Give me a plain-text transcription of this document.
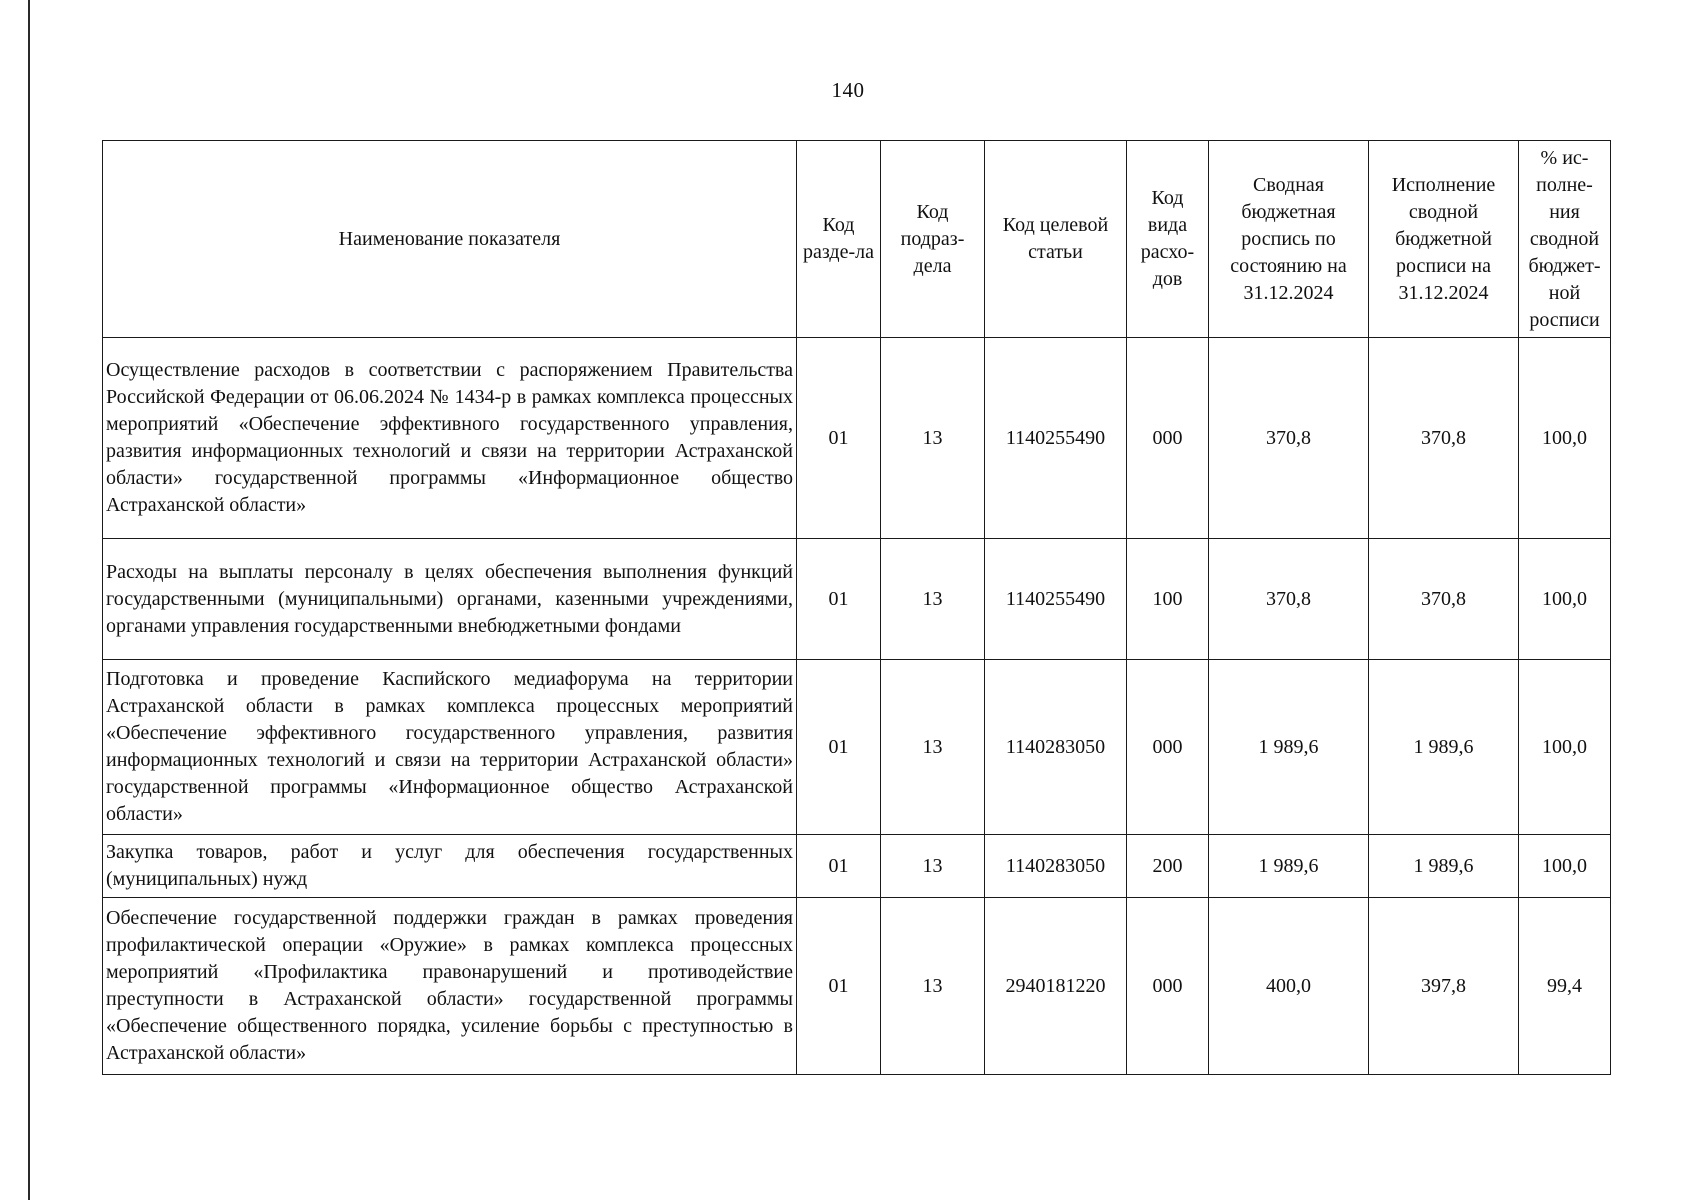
140
Наименование показателя	Код разде-ла	Код подраз-дела	Код целевой статьи	Код вида расхо-дов	Сводная бюджетная роспись по состоянию на 31.12.2024	Исполнение сводной бюджетной росписи на 31.12.2024	% ис-полне-ния сводной бюджет-ной росписи
Осуществление расходов в соответствии с распоряжением Правительства Российской Федерации от 06.06.2024 № 1434-р в рамках комплекса процессных мероприятий «Обеспечение эффективного государственного управления, развития информационных технологий и связи на территории Астраханской области» государственной программы «Информационное общество Астраханской области»	01	13	1140255490	000	370,8	370,8	100,0
Расходы на выплаты персоналу в целях обеспечения выполнения функций государственными (муниципальными) органами, казенными учреждениями, органами управления государственными внебюджетными фондами	01	13	1140255490	100	370,8	370,8	100,0
Подготовка и проведение Каспийского медиафорума на территории Астраханской области в рамках комплекса процессных мероприятий «Обеспечение эффективного государственного управления, развития информационных технологий и связи на территории Астраханской области» государственной программы «Информационное общество Астраханской области»	01	13	1140283050	000	1 989,6	1 989,6	100,0
Закупка товаров, работ и услуг для обеспечения государственных (муниципальных) нужд	01	13	1140283050	200	1 989,6	1 989,6	100,0
Обеспечение государственной поддержки граждан в рамках проведения профилактической операции «Оружие» в рамках комплекса процессных мероприятий «Профилактика правонарушений и противодействие преступности в Астраханской области» государственной программы «Обеспечение общественного порядка, усиление борьбы с преступностью в Астраханской области»	01	13	2940181220	000	400,0	397,8	99,4
